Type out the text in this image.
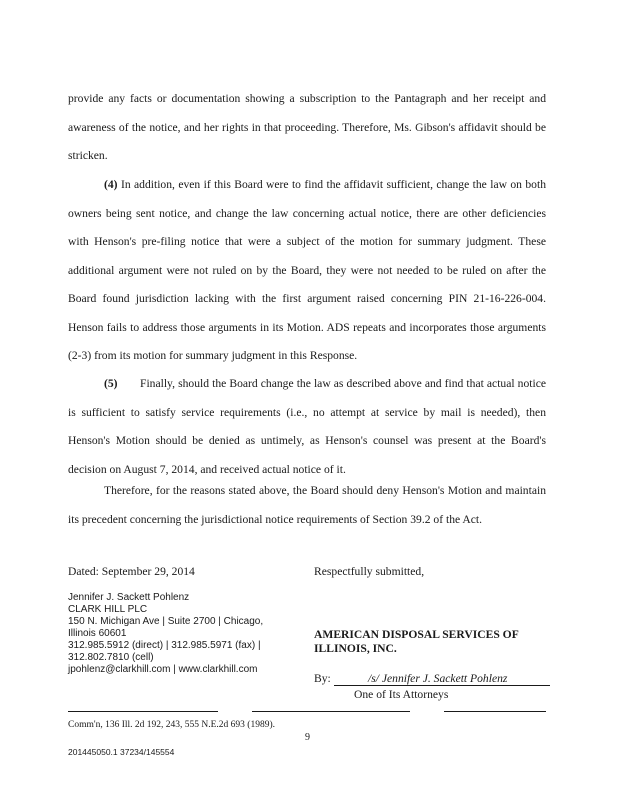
provide any facts or documentation showing a subscription to the Pantagraph and her receipt and awareness of the notice, and her rights in that proceeding. Therefore, Ms. Gibson's affidavit should be stricken.

(4) In addition, even if this Board were to find the affidavit sufficient, change the law on both owners being sent notice, and change the law concerning actual notice, there are other deficiencies with Henson's pre-filing notice that were a subject of the motion for summary judgment. These additional argument were not ruled on by the Board, they were not needed to be ruled on after the Board found jurisdiction lacking with the first argument raised concerning PIN 21-16-226-004. Henson fails to address those arguments in its Motion. ADS repeats and incorporates those arguments (2-3) from its motion for summary judgment in this Response.

(5) Finally, should the Board change the law as described above and find that actual notice is sufficient to satisfy service requirements (i.e., no attempt at service by mail is needed), then Henson's Motion should be denied as untimely, as Henson's counsel was present at the Board's decision on August 7, 2014, and received actual notice of it.

Therefore, for the reasons stated above, the Board should deny Henson's Motion and maintain its precedent concerning the jurisdictional notice requirements of Section 39.2 of the Act.

Dated: September 29, 2014	Respectfully submitted,
Jennifer J. Sackett Pohlenz
CLARK HILL PLC
150 N. Michigan Ave | Suite 2700 | Chicago,
Illinois 60601
312.985.5912 (direct) | 312.985.5971 (fax) |
312.802.7810 (cell)
jpohlenz@clarkhill.com | www.clarkhill.com
AMERICAN DISPOSAL SERVICES OF
ILLINOIS, INC.
By:	/s/ Jennifer J. Sackett Pohlenz
One of Its Attorneys
Comm'n, 136 Ill. 2d 192, 243, 555 N.E.2d 693 (1989).
9
201445050.1 37234/145554
